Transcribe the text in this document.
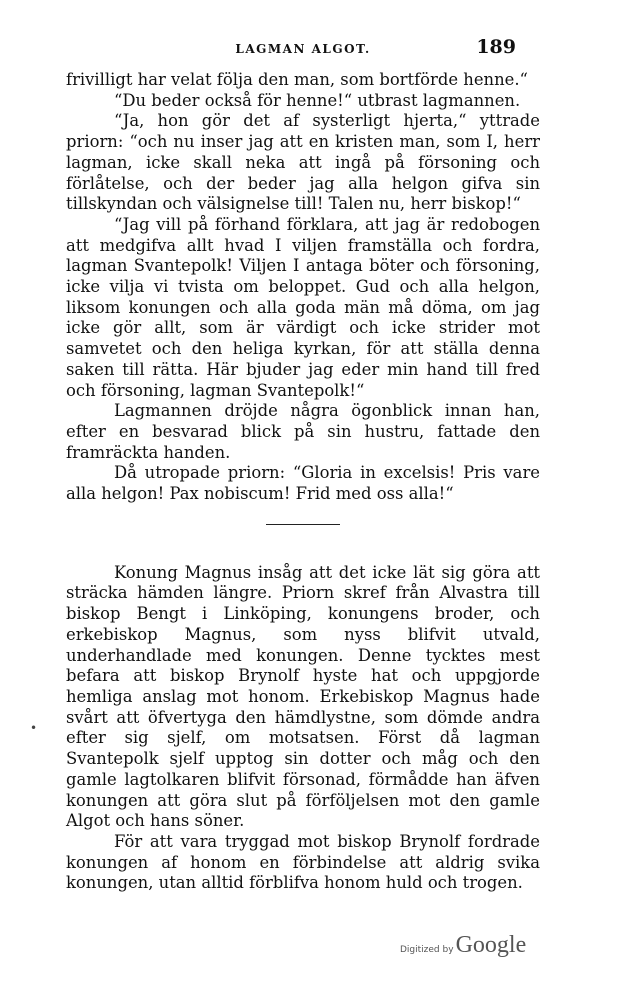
LAGMAN ALGOT.	189

frivilligt har velat följa den man, som bortförde henne.“

“Du beder också för henne!“ utbrast lagmannen.

“Ja, hon gör det af systerligt hjerta,“ yttrade priorn: “och nu inser jag att en kristen man, som I, herr lagman, icke skall neka att ingå på försoning och förlåtelse, och der beder jag alla helgon gifva sin tillskyndan och välsignelse till! Talen nu, herr biskop!“

“Jag vill på förhand förklara, att jag är redobogen att medgifva allt hvad I viljen framställa och fordra, lagman Svantepolk! Viljen I antaga böter och försoning, icke vilja vi tvista om beloppet. Gud och alla helgon, liksom konungen och alla goda män må döma, om jag icke gör allt, som är värdigt och icke strider mot samvetet och den heliga kyrkan, för att ställa denna saken till rätta. Här bjuder jag eder min hand till fred och försoning, lagman Svantepolk!“

Lagmannen dröjde några ögonblick innan han, efter en besvarad blick på sin hustru, fattade den framräckta handen.

Då utropade priorn: “Gloria in excelsis! Pris vare alla helgon! Pax nobiscum! Frid med oss alla!“

Konung Magnus insåg att det icke lät sig göra att sträcka hämden längre. Priorn skref från Alvastra till biskop Bengt i Linköping, konungens broder, och erkebiskop Magnus, som nyss blifvit utvald, underhandlade med konungen. Denne tycktes mest befara att biskop Brynolf hyste hat och uppgjorde hemliga anslag mot honom. Erkebiskop Magnus hade svårt att öfvertyga den hämdlystne, som dömde andra efter sig sjelf, om motsatsen. Först då lagman Svantepolk sjelf upptog sin dotter och måg och den gamle lagtolkaren blifvit försonad, förmådde han äfven konungen att göra slut på förföljelsen mot den gamle Algot och hans söner.

För att vara tryggad mot biskop Brynolf fordrade konungen af honom en förbindelse att aldrig svika konungen, utan alltid förblifva honom huld och trogen.

•
Digitized by Google
